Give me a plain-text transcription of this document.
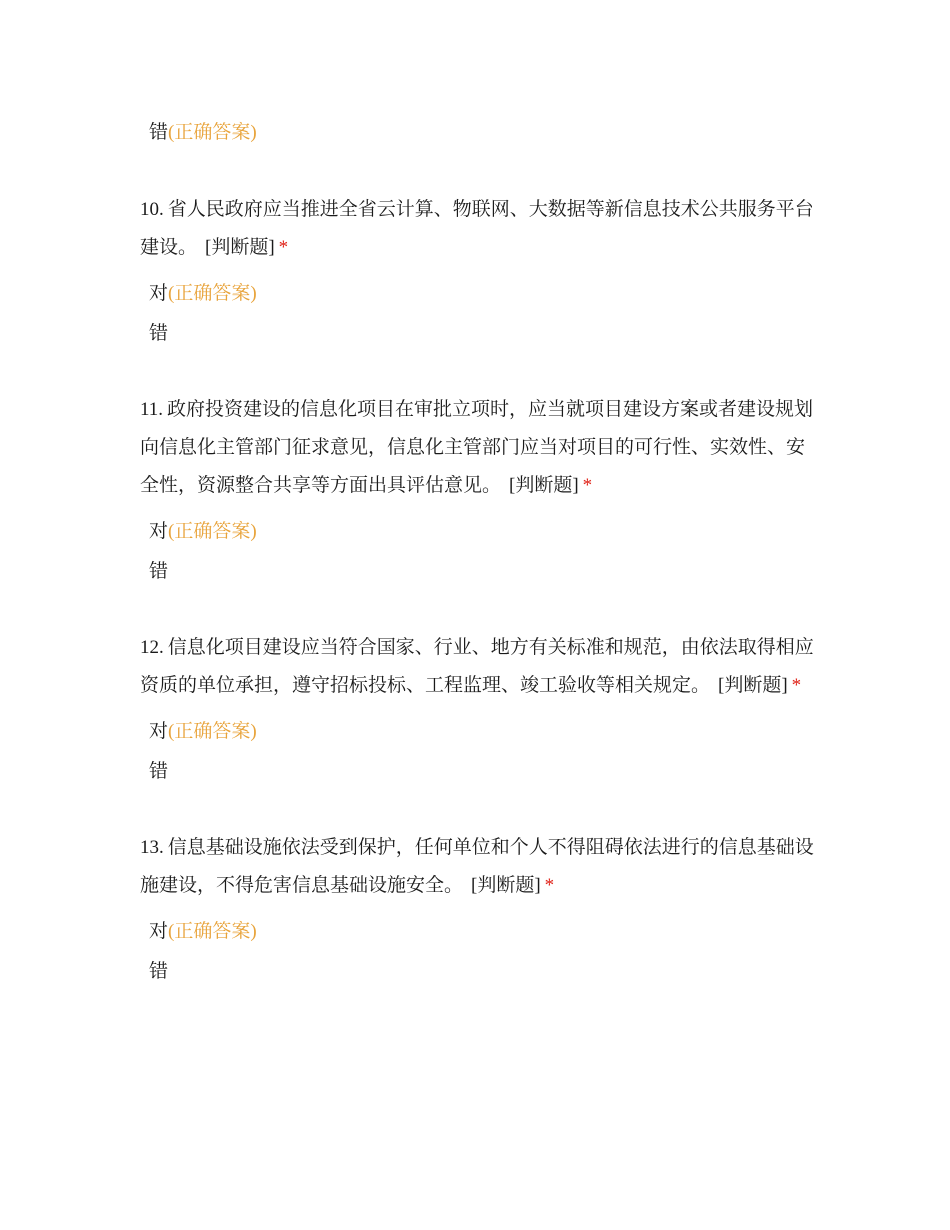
错(正确答案)
10. 省人民政府应当推进全省云计算、物联网、大数据等新信息技术公共服务平台建设。 [判断题] *
对(正确答案)
错
11. 政府投资建设的信息化项目在审批立项时，应当就项目建设方案或者建设规划向信息化主管部门征求意见，信息化主管部门应当对项目的可行性、实效性、安全性，资源整合共享等方面出具评估意见。 [判断题] *
对(正确答案)
错
12. 信息化项目建设应当符合国家、行业、地方有关标准和规范，由依法取得相应资质的单位承担，遵守招标投标、工程监理、竣工验收等相关规定。 [判断题] *
对(正确答案)
错
13. 信息基础设施依法受到保护，任何单位和个人不得阻碍依法进行的信息基础设施建设，不得危害信息基础设施安全。 [判断题] *
对(正确答案)
错
